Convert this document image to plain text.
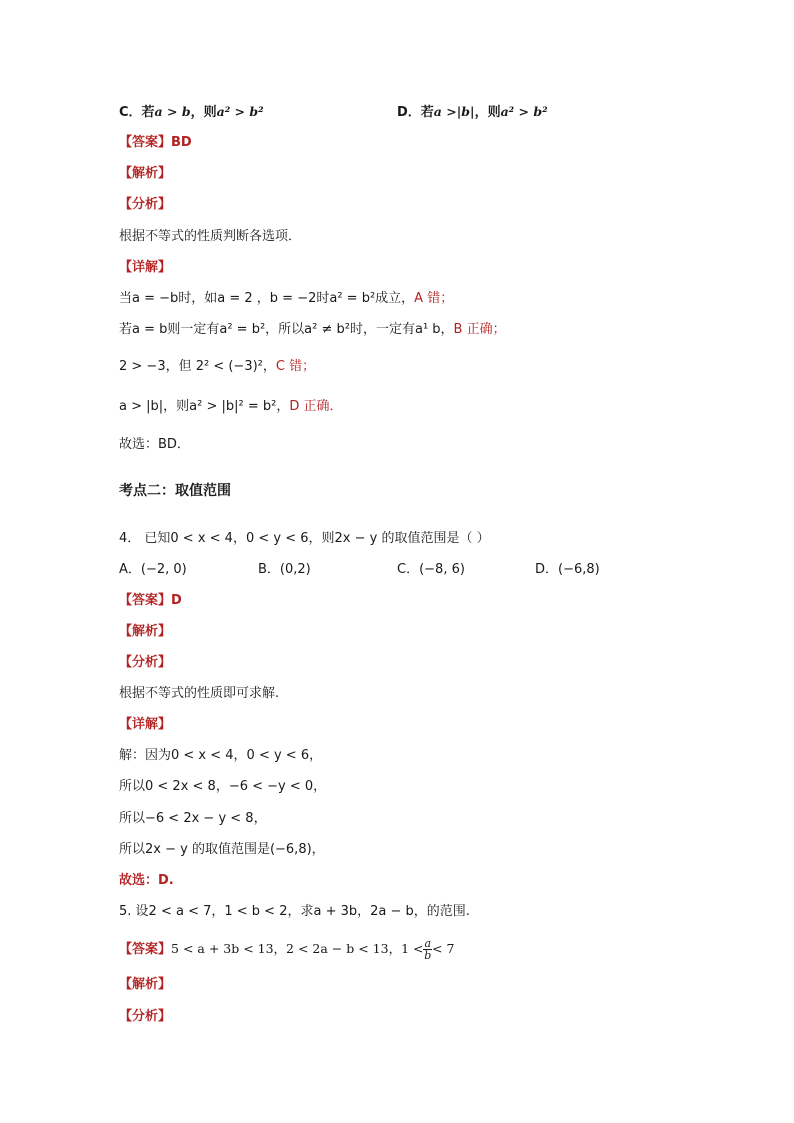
C．若a > b，则a² > b²	D．若a >|b|，则a² > b²
【答案】BD
【解析】
【分析】
根据不等式的性质判断各选项．
【详解】
当a = −b时，如a = 2 ，b = −2时a² = b²成立，A 错；
若a = b则一定有a² = b²，所以a² ≠ b²时，一定有a¹ b，B 正确；
2 > −3，但 2² < (−3)²，C 错；
a > |b|，则a² > |b|² = b²，D 正确．
故选：BD．
考点二：取值范围
4． 已知0 < x < 4，0 < y < 6，则2x − y 的取值范围是（ ）
A．(−2, 0)	B．(0,2)	C．(−8, 6)	D．(−6,8)
【答案】D
【解析】
【分析】
根据不等式的性质即可求解.
【详解】
解：因为0 < x < 4，0 < y < 6，
所以0 < 2x < 8，−6 < −y < 0，
所以−6 < 2x − y < 8，
所以2x − y 的取值范围是(−6,8)，
故选：D.
5. 设2 < a < 7，1 < b < 2，求a + 3b，2a − b，的范围.
【答案】5 < a + 3b < 13，2 < 2a − b < 13，$1 < \frac{a}{b} < 7$
【解析】
【分析】
